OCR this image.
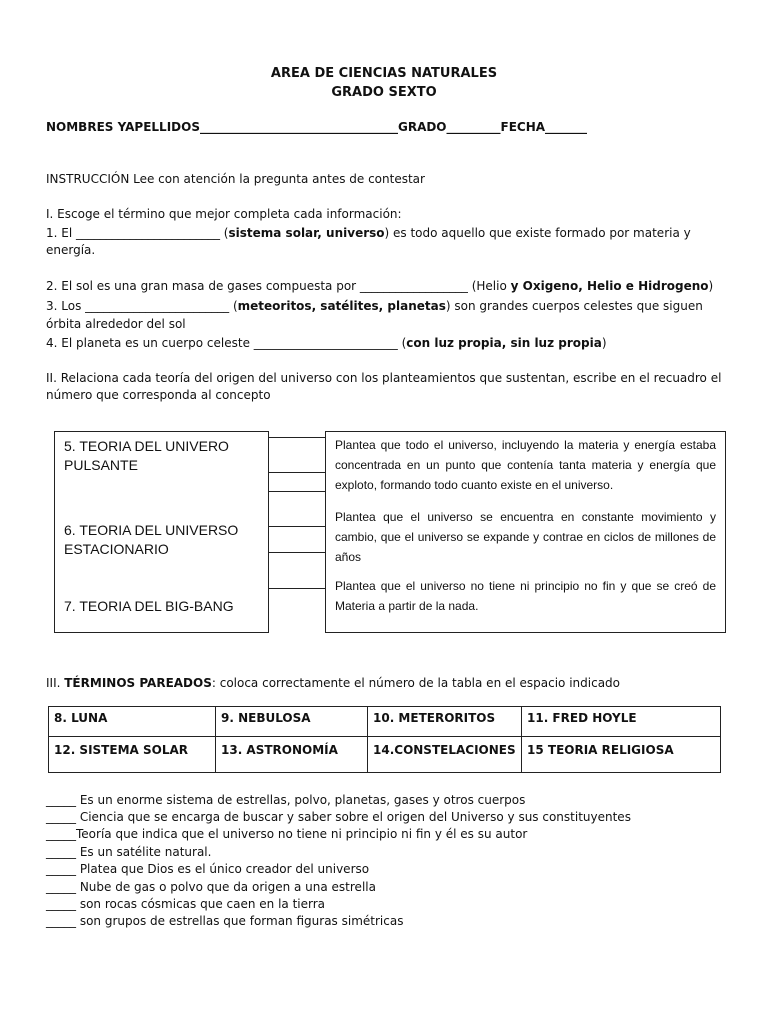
AREA DE CIENCIAS NATURALES
GRADO SEXTO
NOMBRES YAPELLIDOS_________________________________GRADO_________FECHA_______
INSTRUCCIÓN Lee con atención la pregunta antes de contestar
I. Escoge el término que mejor completa cada información:
1. El ________________________ (sistema solar, universo) es todo aquello que existe formado por materia y
energía.
2. El sol es una gran masa de gases compuesta por __________________ (Helio y Oxigeno, Helio e Hidrogeno)
3. Los ________________________ (meteoritos, satélites, planetas) son grandes cuerpos celestes que siguen
órbita alrededor del sol
4. El planeta es un cuerpo celeste ________________________ (con luz propia, sin luz propia)
II. Relaciona cada teoría del origen del universo con los planteamientos que sustentan, escribe en el recuadro el
número que corresponda al concepto
5. TEORIA DEL UNIVERO
PULSANTE
6. TEORIA DEL UNIVERSO
ESTACIONARIO
7. TEORIA DEL BIG-BANG
Plantea que todo el universo, incluyendo la materia y energía estaba concentrada en un punto que contenía tanta materia y energía que exploto, formando todo cuanto existe en el universo.
Plantea que el universo se encuentra en constante movimiento y cambio, que el universo se expande y contrae en ciclos de millones de años
Plantea que el universo no tiene ni principio no fin y que se creó de Materia a partir de la nada.
III. TÉRMINOS PAREADOS: coloca correctamente el número de la tabla en el espacio indicado
8. LUNA	9. NEBULOSA	10. METERORITOS	11. FRED HOYLE
12. SISTEMA SOLAR	13. ASTRONOMÍA	14.CONSTELACIONES	15 TEORIA RELIGIOSA
_____ Es un enorme sistema de estrellas, polvo, planetas, gases y otros cuerpos
_____ Ciencia que se encarga de buscar y saber sobre el origen del Universo y sus constituyentes
_____Teoría que indica que el universo no tiene ni principio ni fin y él es su autor
_____ Es un satélite natural.
_____ Platea que Dios es el único creador del universo
_____ Nube de gas o polvo que da origen a una estrella
_____ son rocas cósmicas que caen en la tierra
_____ son grupos de estrellas que forman figuras simétricas
